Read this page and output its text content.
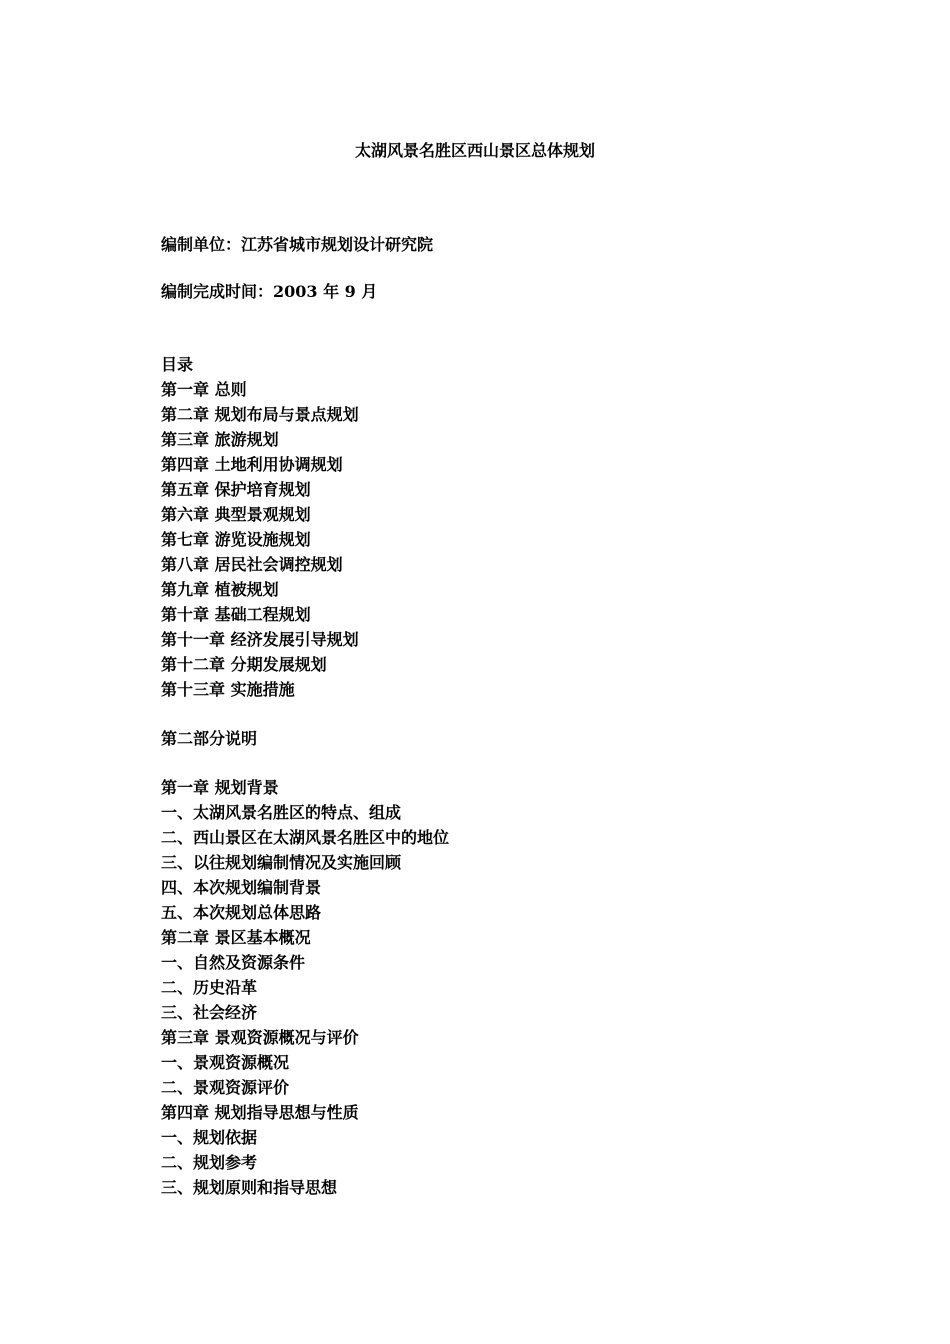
太湖风景名胜区西山景区总体规划
编制单位：江苏省城市规划设计研究院
编制完成时间：2003 年 9 月
目录
第一章 总则
第二章 规划布局与景点规划
第三章 旅游规划
第四章 土地利用协调规划
第五章 保护培育规划
第六章 典型景观规划
第七章 游览设施规划
第八章 居民社会调控规划
第九章 植被规划
第十章 基础工程规划
第十一章 经济发展引导规划
第十二章 分期发展规划
第十三章 实施措施
第二部分说明
第一章 规划背景
一、太湖风景名胜区的特点、组成
二、西山景区在太湖风景名胜区中的地位
三、以往规划编制情况及实施回顾
四、本次规划编制背景
五、本次规划总体思路
第二章 景区基本概况
一、自然及资源条件
二、历史沿革
三、社会经济
第三章 景观资源概况与评价
一、景观资源概况
二、景观资源评价
第四章 规划指导思想与性质
一、规划依据
二、规划参考
三、规划原则和指导思想
